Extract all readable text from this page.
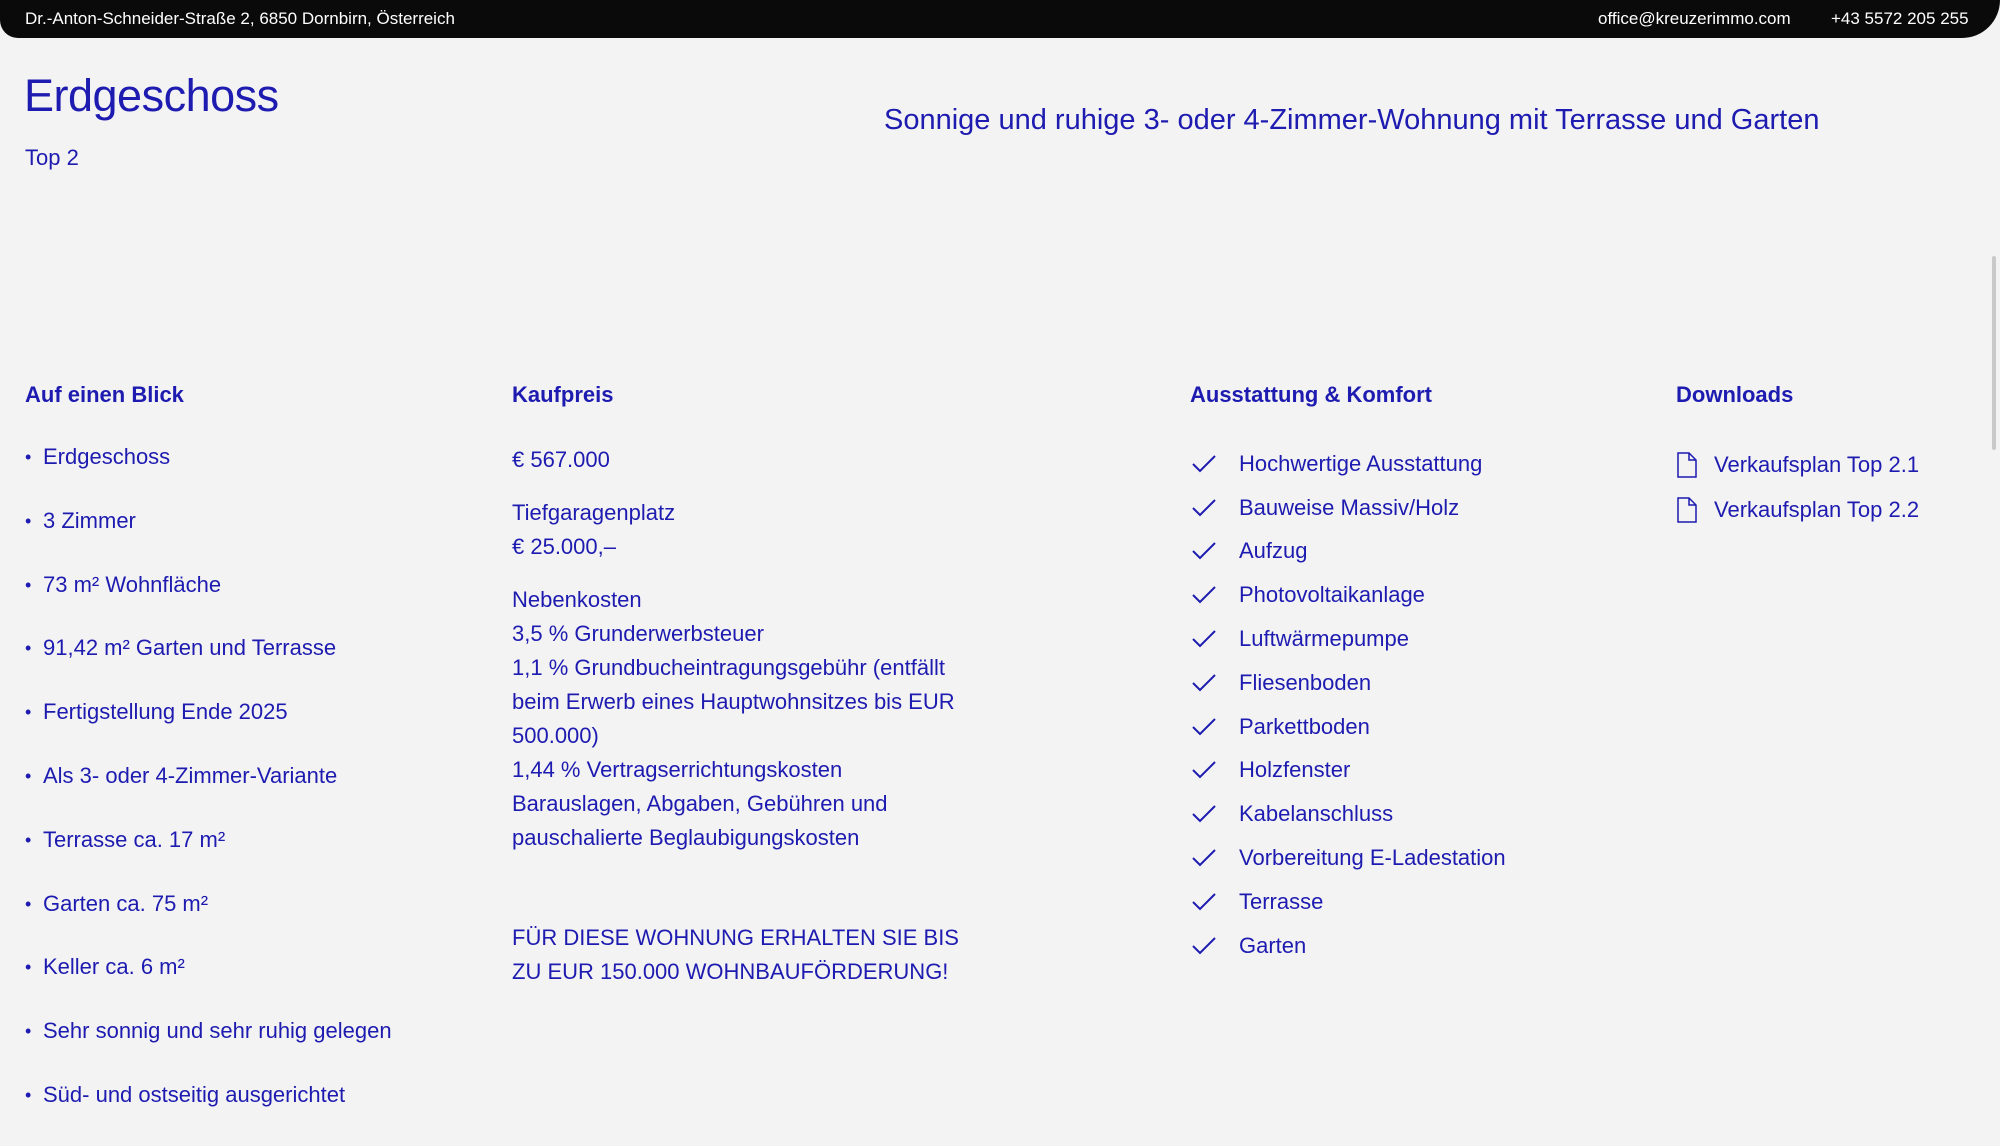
Dr.-Anton-Schneider-Straße 2, 6850 Dornbirn, Österreich	office@kreuzerimmo.com +43 5572 205 255
Erdgeschoss
Top 2
Sonnige und ruhige 3- oder 4-Zimmer-Wohnung mit Terrasse und Garten
Auf einen Blick
• Erdgeschoss
• 3 Zimmer
• 73 m² Wohnfläche
• 91,42 m² Garten und Terrasse
• Fertigstellung Ende 2025
• Als 3- oder 4-Zimmer-Variante
• Terrasse ca. 17 m²
• Garten ca. 75 m²
• Keller ca. 6 m²
• Sehr sonnig und sehr ruhig gelegen
• Süd- und ostseitig ausgerichtet
Kaufpreis
€ 567.000
Tiefgaragenplatz
€ 25.000,–
Nebenkosten
3,5 % Grunderwerbsteuer
1,1 % Grundbucheintragungsgebühr (entfällt
beim Erwerb eines Hauptwohnsitzes bis EUR
500.000)
1,44 % Vertragserrichtungskosten
Barauslagen, Abgaben, Gebühren und
pauschalierte Beglaubigungskosten
FÜR DIESE WOHNUNG ERHALTEN SIE BIS
ZU EUR 150.000 WOHNBAUFÖRDERUNG!
Ausstattung & Komfort
Hochwertige Ausstattung
Bauweise Massiv/Holz
Aufzug
Photovoltaikanlage
Luftwärmepumpe
Fliesenboden
Parkettboden
Holzfenster
Kabelanschluss
Vorbereitung E-Ladestation
Terrasse
Garten
Downloads
Verkaufsplan Top 2.1
Verkaufsplan Top 2.2
